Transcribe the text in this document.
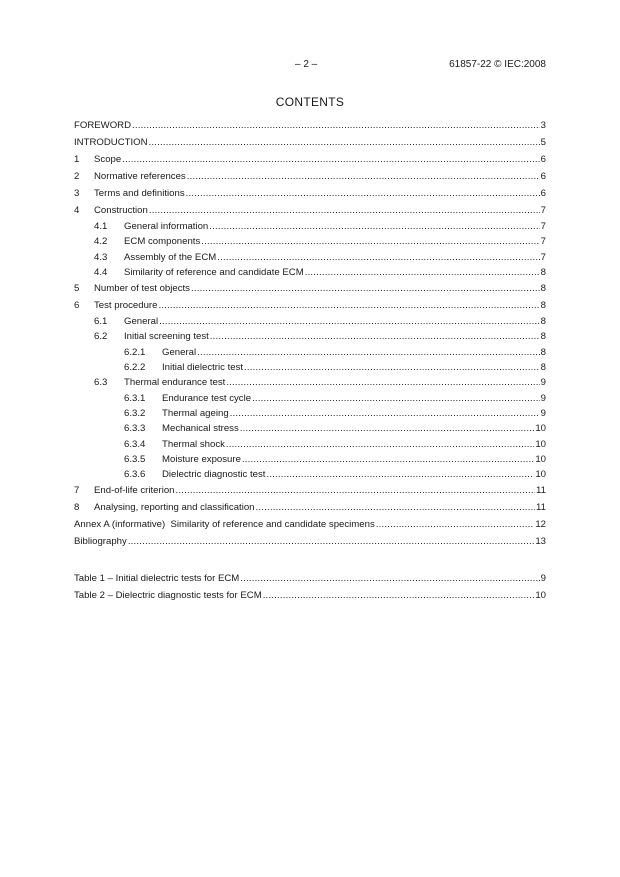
– 2 –	61857-22 © IEC:2008
CONTENTS
FOREWORD .....	3
INTRODUCTION .....	5
1	Scope .....	6
2	Normative references .....	6
3	Terms and definitions .....	6
4	Construction .....	7
4.1	General information .....	7
4.2	ECM components .....	7
4.3	Assembly of the ECM .....	7
4.4	Similarity of reference and candidate ECM .....	8
5	Number of test objects .....	8
6	Test procedure .....	8
6.1	General .....	8
6.2	Initial screening test .....	8
6.2.1	General .....	8
6.2.2	Initial dielectric test .....	8
6.3	Thermal endurance test .....	9
6.3.1	Endurance test cycle .....	9
6.3.2	Thermal ageing .....	9
6.3.3	Mechanical stress .....	10
6.3.4	Thermal shock .....	10
6.3.5	Moisture exposure .....	10
6.3.6	Dielectric diagnostic test .....	10
7	End-of-life criterion .....	11
8	Analysing, reporting and classification .....	11
Annex A (informative)  Similarity of reference and candidate specimens .....	12
Bibliography .....	13
Table 1 – Initial dielectric tests for ECM .....	9
Table 2 – Dielectric diagnostic tests for ECM .....	10
